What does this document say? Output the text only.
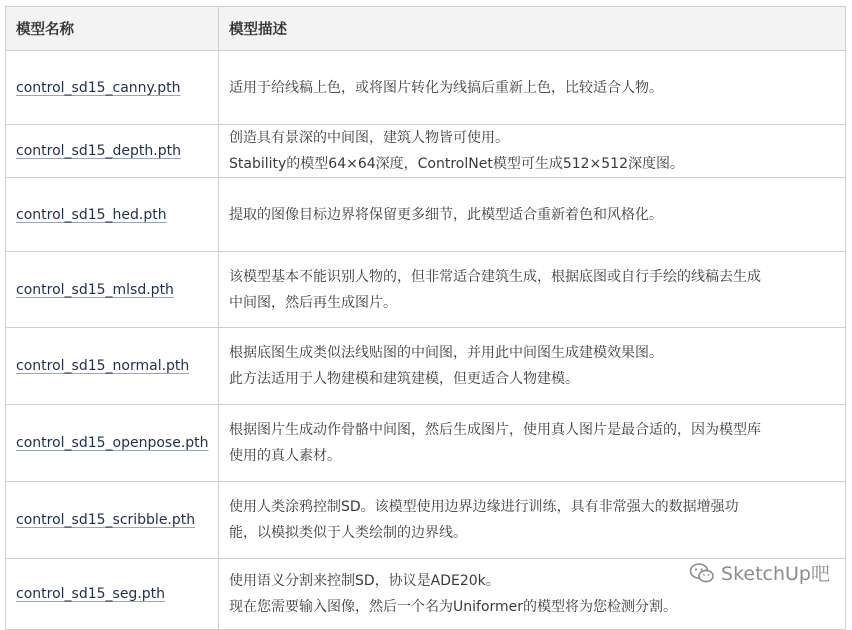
模型名称	模型描述
control_sd15_canny.pth	适用于给线稿上色，或将图片转化为线搞后重新上色，比较适合人物。

control_sd15_depth.pth	创造具有景深的中间图，建筑人物皆可使用。
Stability的模型64×64深度，ControlNet模型可生成512×512深度图。

control_sd15_hed.pth	提取的图像目标边界将保留更多细节，此模型适合重新着色和风格化。

control_sd15_mlsd.pth	该模型基本不能识别人物的，但非常适合建筑生成，根据底图或自行手绘的线稿去生成
中间图，然后再生成图片。

control_sd15_normal.pth	根据底图生成类似法线贴图的中间图，并用此中间图生成建模效果图。
此方法适用于人物建模和建筑建模，但更适合人物建模。

control_sd15_openpose.pth	根据图片生成动作骨骼中间图，然后生成图片，使用真人图片是最合适的，因为模型库
使用的真人素材。

control_sd15_scribble.pth	使用人类涂鸦控制SD。该模型使用边界边缘进行训练，具有非常强大的数据增强功
能，以模拟类似于人类绘制的边界线。

control_sd15_seg.pth	使用语义分割来控制SD，协议是ADE20k。
现在您需要输入图像，然后一个名为Uniformer的模型将为您检测分割。
SketchUp吧
